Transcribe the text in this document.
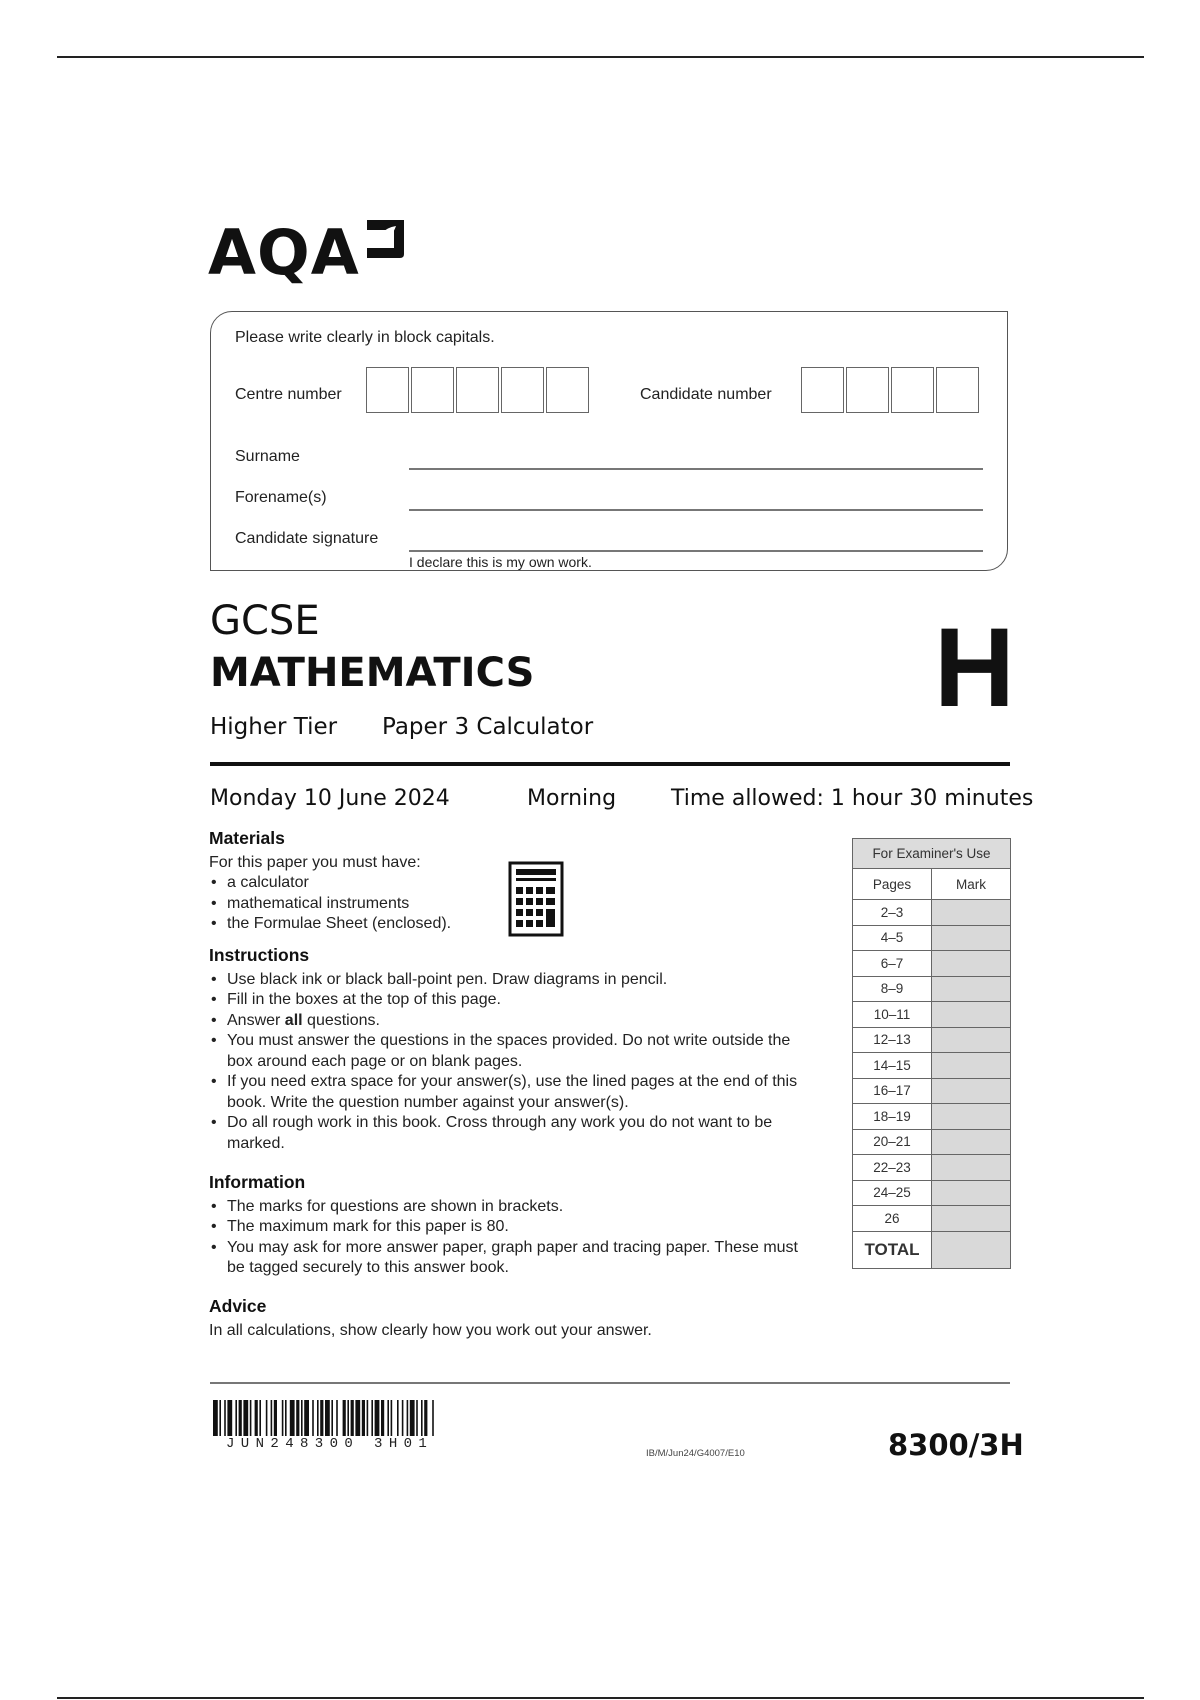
AQA
Please write clearly in block capitals.
Centre number	Candidate number
Surname
Forename(s)
Candidate signature
I declare this is my own work.
GCSE
MATHEMATICS
Higher Tier Paper 3 Calculator	H
Monday 10 June 2024	Morning Time allowed: 1 hour 30 minutes
Materials

For this paper you must have:

• a calculator
• mathematical instruments
• the Formulae Sheet (enclosed).
Instructions
• Use black ink or black ball-point pen. Draw diagrams in pencil.
• Fill in the boxes at the top of this page.
• Answer all questions.
• You must answer the questions in the spaces provided. Do not write outside the box around each page or on blank pages.
• If you need extra space for your answer(s), use the lined pages at the end of this book. Write the question number against your answer(s).
• Do all rough work in this book. Cross through any work you do not want to be marked.
Information
• The marks for questions are shown in brackets.
• The maximum mark for this paper is 80.
• You may ask for more answer paper, graph paper and tracing paper. These must be tagged securely to this answer book.
Advice

In all calculations, show clearly how you work out your answer.

For Examiner's Use	
Pages	Mark
2–3	
4–5	
6–7	
8–9	
10–11	
12–13	
14–15	
16–17	
18–19	
20–21	
22–23	
24–25	
26	
TOTAL	
JUN248300 3H01
IB/M/Jun24/G4007/E10	8300/3H
